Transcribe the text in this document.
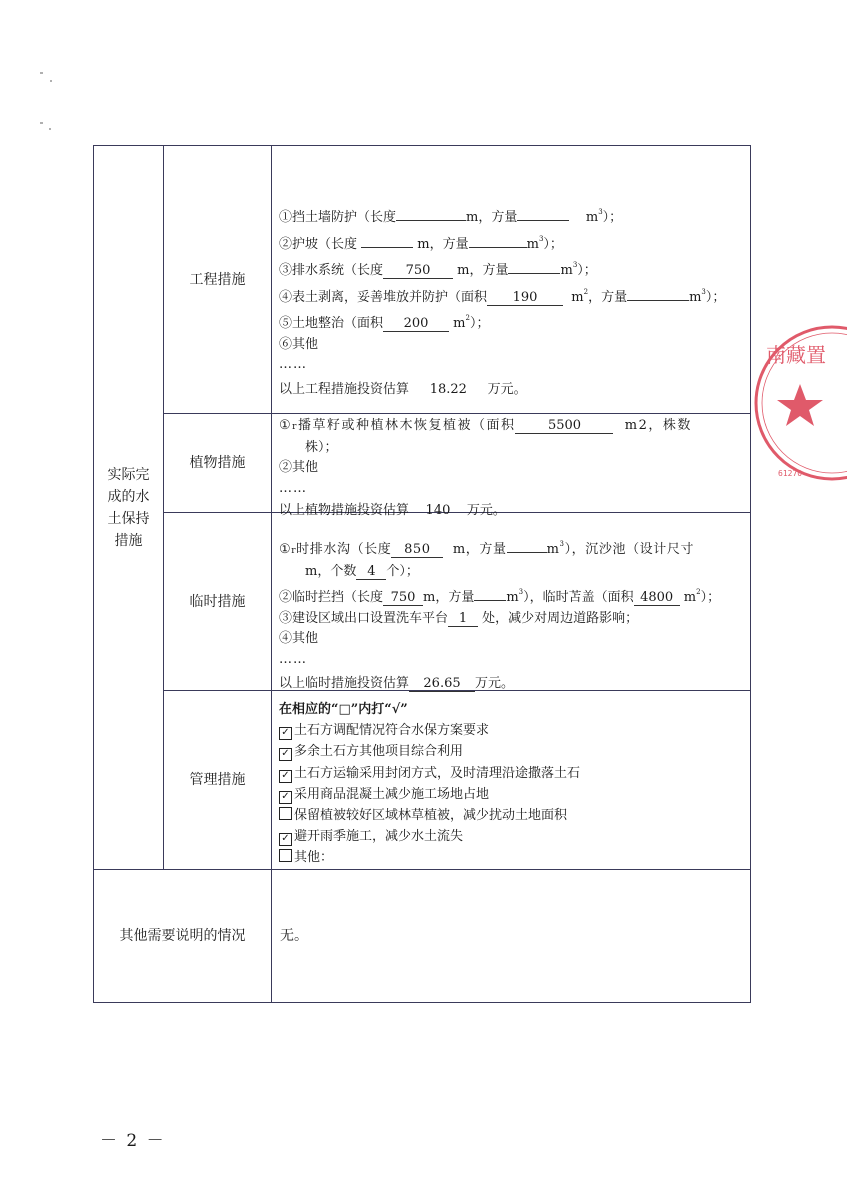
实际完成的水土保持措施
工程措施
①挡土墙防护（长度	m，方量	$m^3$）；
②护坡（长度	m，方量	$m^3$）；
③排水系统（长度 750 m，方量	$m^3$）；
④表土剥离，妥善堆放并防护（面积 190	$m^2$，方量	$m^3$）；
⑤土地整治（面积 200 $m^2$）；
⑥其他
……
以上工程措施投资估算 18.22 万元。
植物措施
①r播草籽或种植林木恢复植被（面积 5500	m2，株数
株）；
②其他
……
以上植物措施投资估算 140 万元。
临时措施
①r时排水沟（长度 850 m，方量	$m^3$），沉沙池（设计尺寸
m，个数 4 个）；
②临时拦挡（长度 750 m，方量 $m^3$），临时苫盖（面积 4800 $m^2$）；
③建设区域出口设置洗车平台 1 处，减少对周边道路影响；
④其他
……
以上临时措施投资估算 26.65 万元。
管理措施
在相应的“□”内打“√”
✓ 土石方调配情况符合水保方案要求
✓ 多余土石方其他项目综合利用
✓ 土石方运输采用封闭方式，及时清理沿途撒落土石
✓ 采用商品混凝土减少施工场地占地
保留植被较好区域林草植被，减少扰动土地面积
✓ 避开雨季施工，减少水土流失
其他：
其他需要说明的情况 无。
－ 2 －
南藏置
61270
